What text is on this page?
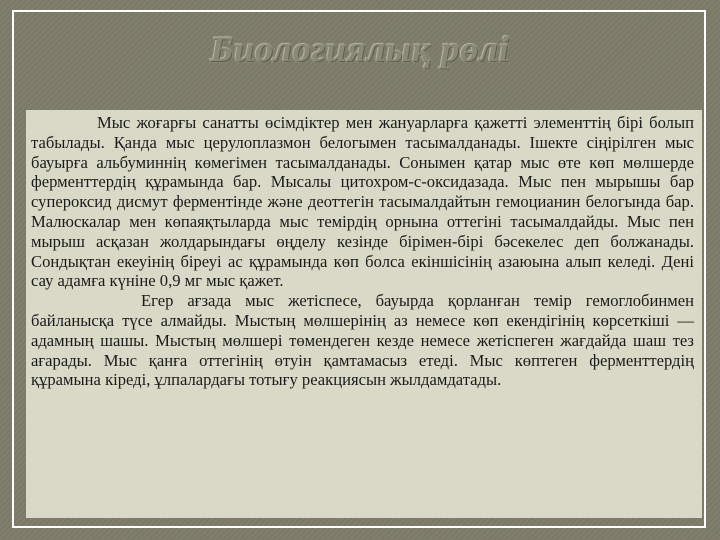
Биологиялық рөлі

Мыс жоғарғы санатты өсімдіктер мен жануарларға қажетті элементтің бірі болып табылады. Қанда мыс церулоплазмон белогымен тасымалданады. Ішекте сіңірілген мыс бауырға альбуминнің көмегімен тасымалданады. Сонымен қатар мыс өте көп мөлшерде ферменттердің құрамында бар. Мысалы цитохром-с-оксидазада. Мыс пен мырышы бар супероксид дисмут ферментінде және деоттегін тасымалдайтын гемоцианин белогында бар. Малюскалар мен көпаяқтыларда мыс темірдің орнына оттегіні тасымалдайды. Мыс пен мырыш асқазан жолдарындағы өңделу кезінде бірімен-бірі бәсекелес деп болжанады. Сондықтан екеуінің біреуі ас құрамында көп болса екіншісінің азаюына алып келеді. Дені сау адамға күніне 0,9 мг мыс қажет.

Егер ағзада мыс жетіспесе, бауырда қорланған темір гемоглобинмен байланысқа түсе алмайды. Мыстың мөлшерінің аз немесе көп екендігінің көрсеткіші — адамның шашы. Мыстың мөлшері төмендеген кезде немесе жетіспеген жағдайда шаш тез ағарады. Мыс қанға оттегінің өтуін қамтамасыз етеді. Мыс көптеген ферменттердің құрамына кіреді, ұлпалардағы тотығу реакциясын жылдамдатады.
